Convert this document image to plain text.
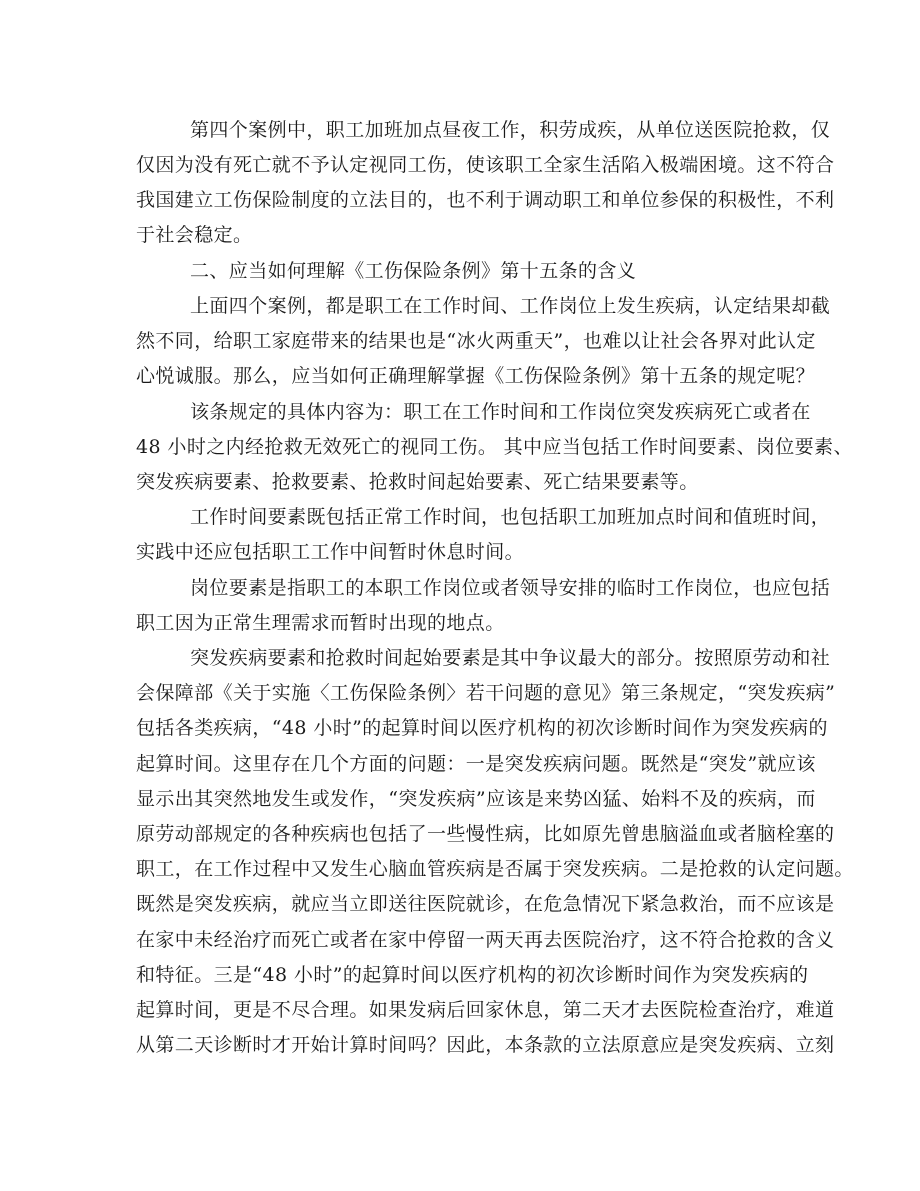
第四个案例中，职工加班加点昼夜工作，积劳成疾，从单位送医院抢救，仅
仅因为没有死亡就不予认定视同工伤，使该职工全家生活陷入极端困境。这不符合
我国建立工伤保险制度的立法目的，也不利于调动职工和单位参保的积极性，不利
于社会稳定。
二、应当如何理解《工伤保险条例》第十五条的含义
上面四个案例，都是职工在工作时间、工作岗位上发生疾病，认定结果却截
然不同，给职工家庭带来的结果也是“冰火两重天”，也难以让社会各界对此认定
心悦诚服。那么，应当如何正确理解掌握《工伤保险条例》第十五条的规定呢？
该条规定的具体内容为：职工在工作时间和工作岗位突发疾病死亡或者在
48 小时之内经抢救无效死亡的视同工伤。 其中应当包括工作时间要素、岗位要素、
突发疾病要素、抢救要素、抢救时间起始要素、死亡结果要素等。
工作时间要素既包括正常工作时间，也包括职工加班加点时间和值班时间，
实践中还应包括职工工作中间暂时休息时间。
岗位要素是指职工的本职工作岗位或者领导安排的临时工作岗位，也应包括
职工因为正常生理需求而暂时出现的地点。
突发疾病要素和抢救时间起始要素是其中争议最大的部分。按照原劳动和社
会保障部《关于实施〈工伤保险条例〉若干问题的意见》第三条规定，“突发疾病”
包括各类疾病，“48 小时”的起算时间以医疗机构的初次诊断时间作为突发疾病的
起算时间。这里存在几个方面的问题：一是突发疾病问题。既然是“突发”就应该
显示出其突然地发生或发作，“突发疾病”应该是来势凶猛、始料不及的疾病，而
原劳动部规定的各种疾病也包括了一些慢性病，比如原先曾患脑溢血或者脑栓塞的
职工，在工作过程中又发生心脑血管疾病是否属于突发疾病。二是抢救的认定问题。
既然是突发疾病，就应当立即送往医院就诊，在危急情况下紧急救治，而不应该是
在家中未经治疗而死亡或者在家中停留一两天再去医院治疗，这不符合抢救的含义
和特征。三是“48 小时”的起算时间以医疗机构的初次诊断时间作为突发疾病的
起算时间，更是不尽合理。如果发病后回家休息，第二天才去医院检查治疗，难道
从第二天诊断时才开始计算时间吗？因此，本条款的立法原意应是突发疾病、立刻
